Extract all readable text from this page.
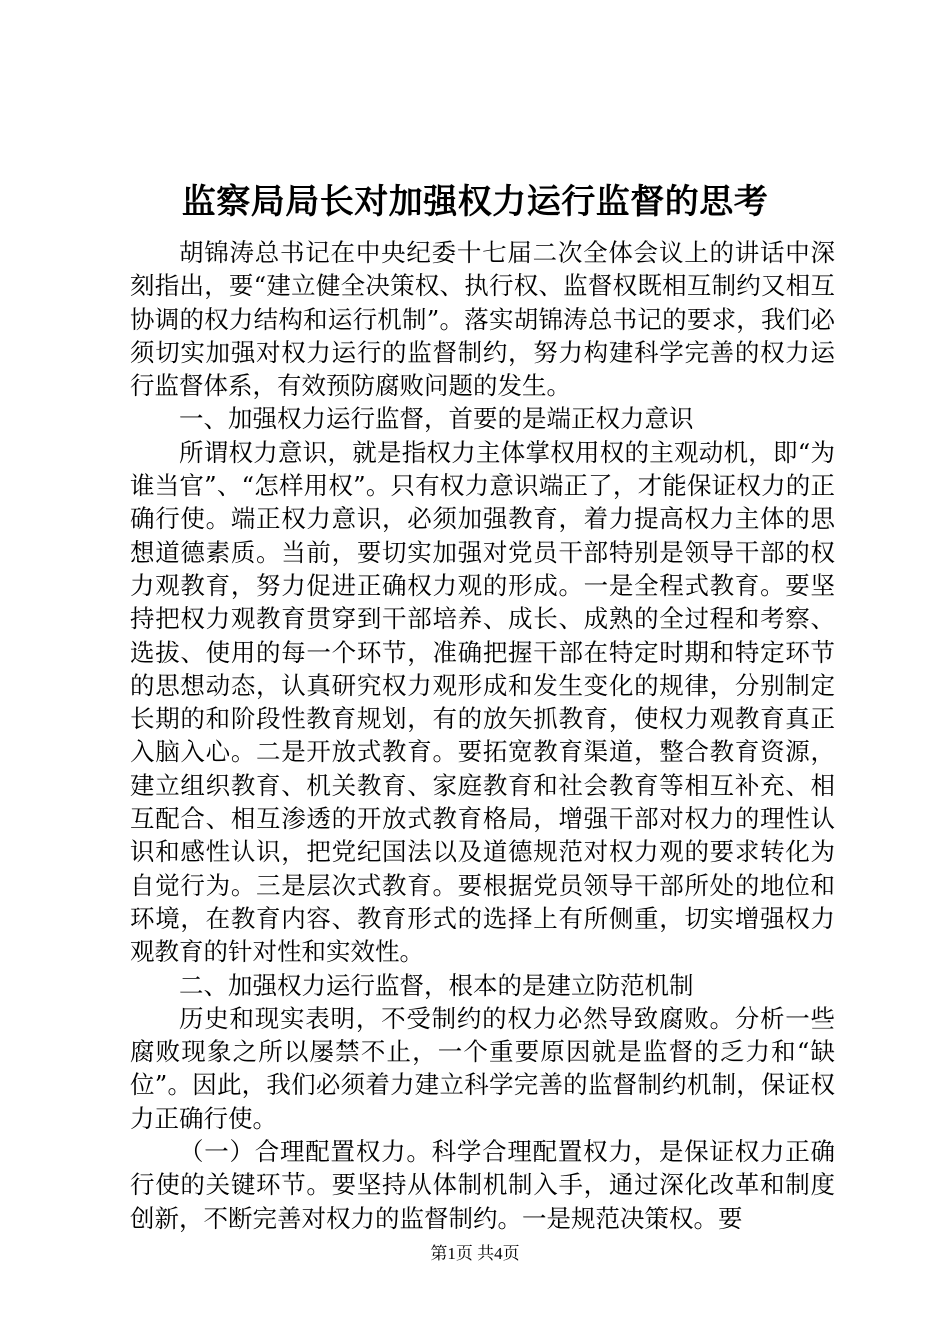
监察局局长对加强权力运行监督的思考

胡锦涛总书记在中央纪委十七届二次全体会议上的讲话中深刻指出，要“建立健全决策权、执行权、监督权既相互制约又相互协调的权力结构和运行机制”。落实胡锦涛总书记的要求，我们必须切实加强对权力运行的监督制约，努力构建科学完善的权力运行监督体系，有效预防腐败问题的发生。

一、加强权力运行监督，首要的是端正权力意识

所谓权力意识，就是指权力主体掌权用权的主观动机，即“为谁当官”、“怎样用权”。只有权力意识端正了，才能保证权力的正确行使。端正权力意识，必须加强教育，着力提高权力主体的思想道德素质。当前，要切实加强对党员干部特别是领导干部的权力观教育，努力促进正确权力观的形成。一是全程式教育。要坚持把权力观教育贯穿到干部培养、成长、成熟的全过程和考察、选拔、使用的每一个环节，准确把握干部在特定时期和特定环节的思想动态，认真研究权力观形成和发生变化的规律，分别制定长期的和阶段性教育规划，有的放矢抓教育，使权力观教育真正入脑入心。二是开放式教育。要拓宽教育渠道，整合教育资源，建立组织教育、机关教育、家庭教育和社会教育等相互补充、相互配合、相互渗透的开放式教育格局，增强干部对权力的理性认识和感性认识，把党纪国法以及道德规范对权力观的要求转化为自觉行为。三是层次式教育。要根据党员领导干部所处的地位和环境，在教育内容、教育形式的选择上有所侧重，切实增强权力观教育的针对性和实效性。

二、加强权力运行监督，根本的是建立防范机制

历史和现实表明，不受制约的权力必然导致腐败。分析一些腐败现象之所以屡禁不止，一个重要原因就是监督的乏力和“缺位”。因此，我们必须着力建立科学完善的监督制约机制，保证权力正确行使。

（一）合理配置权力。科学合理配置权力，是保证权力正确行使的关键环节。要坚持从体制机制入手，通过深化改革和制度创新，不断完善对权力的监督制约。一是规范决策权。要

第1页 共4页
